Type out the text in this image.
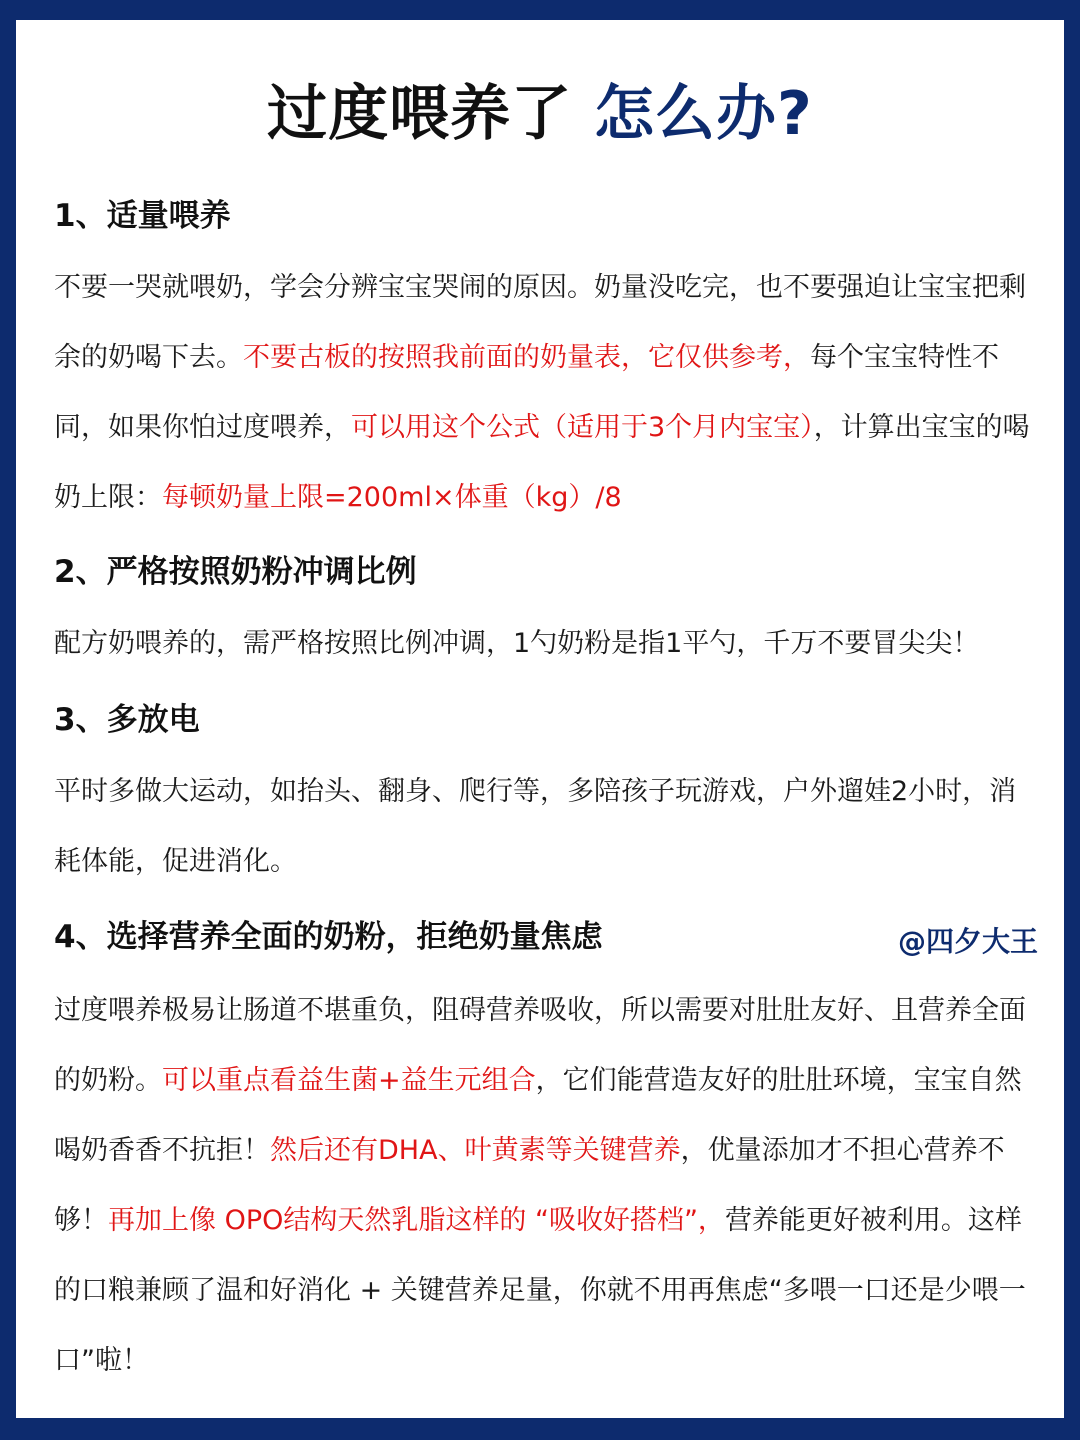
过度喂养了 怎么办?
1、适量喂养
不要一哭就喂奶，学会分辨宝宝哭闹的原因。奶量没吃完，也不要强迫让宝宝把剩余的奶喝下去。不要古板的按照我前面的奶量表，它仅供参考，每个宝宝特性不同，如果你怕过度喂养，可以用这个公式（适用于3个月内宝宝），计算出宝宝的喝奶上限：每顿奶量上限=200ml×体重（kg）/8
2、严格按照奶粉冲调比例
配方奶喂养的，需严格按照比例冲调，1勺奶粉是指1平勺，千万不要冒尖尖！
3、多放电
平时多做大运动，如抬头、翻身、爬行等，多陪孩子玩游戏，户外遛娃2小时，消耗体能，促进消化。
4、选择营养全面的奶粉，拒绝奶量焦虑	@四夕大王
过度喂养极易让肠道不堪重负，阻碍营养吸收，所以需要对肚肚友好、且营养全面的奶粉。可以重点看益生菌+益生元组合，它们能营造友好的肚肚环境，宝宝自然喝奶香香不抗拒！然后还有DHA、叶黄素等关键营养，优量添加才不担心营养不够！再加上像 OPO结构天然乳脂这样的 “吸收好搭档”，营养能更好被利用。这样的口粮兼顾了温和好消化 + 关键营养足量，你就不用再焦虑“多喂一口还是少喂一口”啦！
